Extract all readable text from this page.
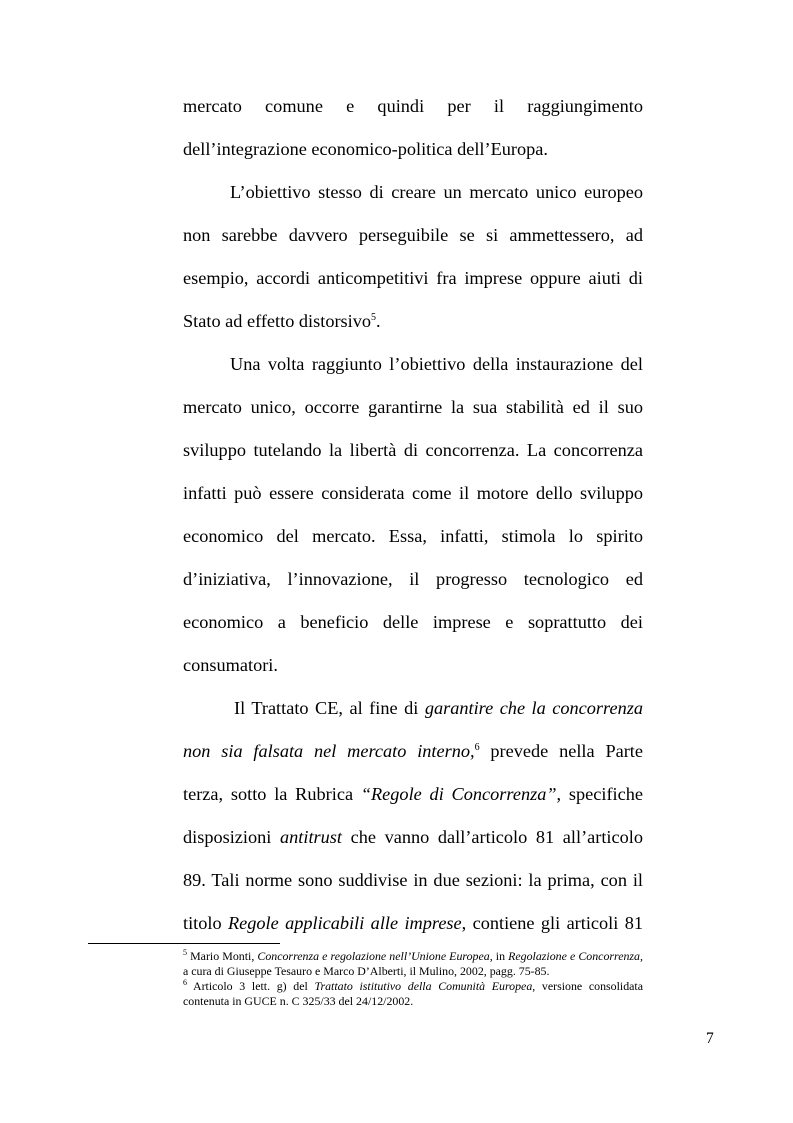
mercato comune e quindi per il raggiungimento
dell’integrazione economico-politica dell’Europa.
L’obiettivo stesso di creare un mercato unico europeo
non sarebbe davvero perseguibile se si ammettessero, ad
esempio, accordi anticompetitivi fra imprese oppure aiuti di
Stato ad effetto distorsivo$^5$.
Una volta raggiunto l’obiettivo della instaurazione del
mercato unico, occorre garantirne la sua stabilità ed il suo
sviluppo tutelando la libertà di concorrenza. La concorrenza
infatti può essere considerata come il motore dello sviluppo
economico del mercato. Essa, infatti, stimola lo spirito
d’iniziativa, l’innovazione, il progresso tecnologico ed
economico a beneficio delle imprese e soprattutto dei
consumatori.
Il Trattato CE, al fine di garantire che la concorrenza
non sia falsata nel mercato interno,$^6$ prevede nella Parte
terza, sotto la Rubrica “Regole di Concorrenza”, specifiche
disposizioni antitrust che vanno dall’articolo 81 all’articolo
89. Tali norme sono suddivise in due sezioni: la prima, con il
titolo Regole applicabili alle imprese, contiene gli articoli 81

$^5$ Mario Monti, Concorrenza e regolazione nell’Unione Europea, in Regolazione e Concorrenza, a cura di Giuseppe Tesauro e Marco D’Alberti, il Mulino, 2002, pagg. 75-85.

$^6$ Articolo 3 lett. g) del Trattato istitutivo della Comunità Europea, versione consolidata contenuta in GUCE n. C 325/33 del 24/12/2002.

7
